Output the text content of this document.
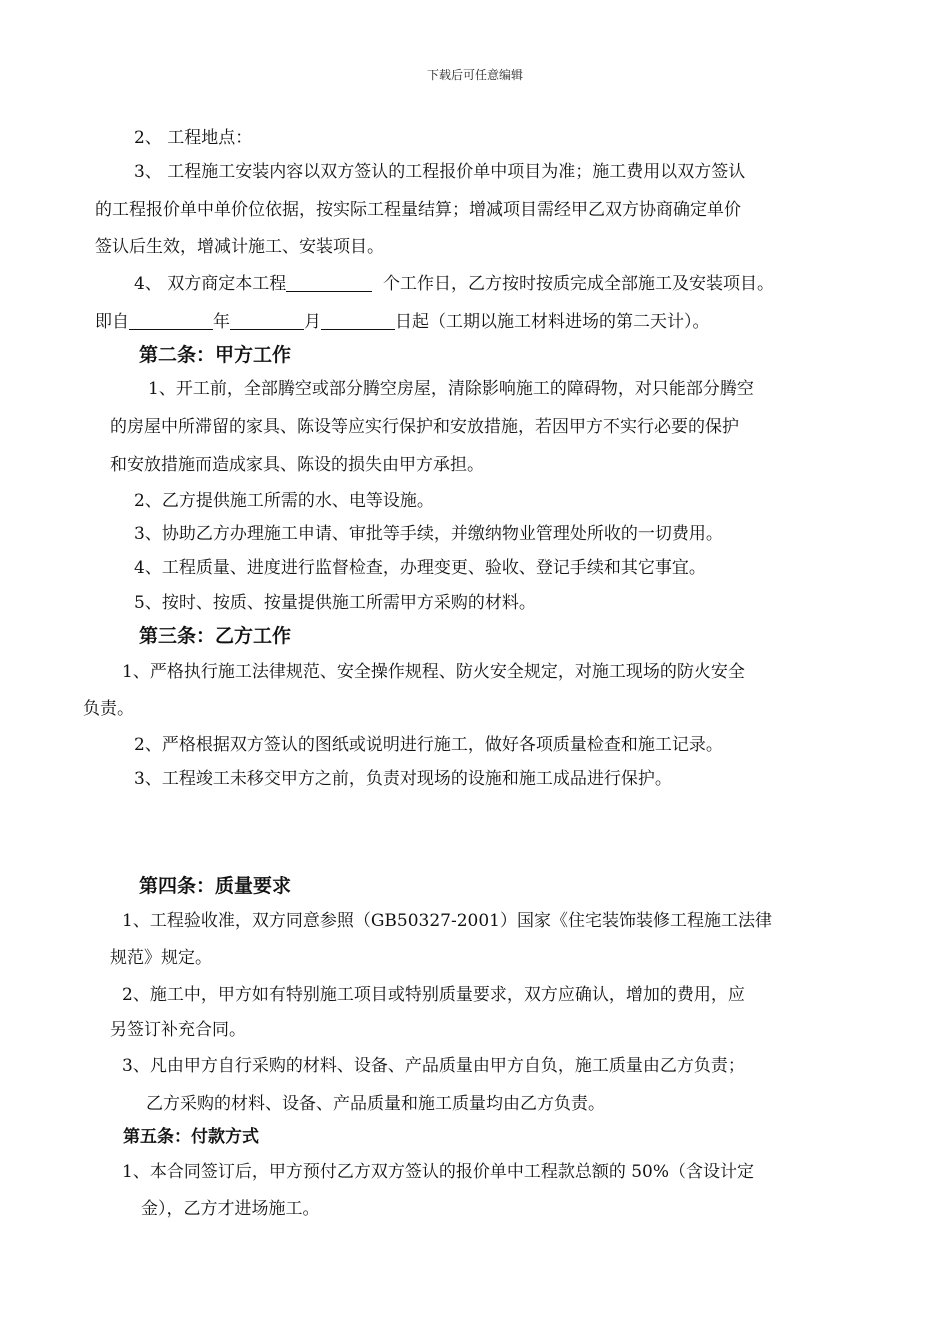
下载后可任意编辑
2、 工程地点：
3、 工程施工安装内容以双方签认的工程报价单中项目为准；施工费用以双方签认
的工程报价单中单价位依据，按实际工程量结算；增减项目需经甲乙双方协商确定单价
签认后生效，增减计施工、安装项目。
4、 双方商定本工程	个工作日，乙方按时按质完成全部施工及安装项目。
即自	年	月	日起（工期以施工材料进场的第二天计）。
第二条：甲方工作
1、开工前，全部腾空或部分腾空房屋，清除影响施工的障碍物，对只能部分腾空
的房屋中所滞留的家具、陈设等应实行保护和安放措施，若因甲方不实行必要的保护
和安放措施而造成家具、陈设的损失由甲方承担。
2、乙方提供施工所需的水、电等设施。
3、协助乙方办理施工申请、审批等手续，并缴纳物业管理处所收的一切费用。
4、工程质量、进度进行监督检查，办理变更、验收、登记手续和其它事宜。
5、按时、按质、按量提供施工所需甲方采购的材料。
第三条：乙方工作
1、严格执行施工法律规范、安全操作规程、防火安全规定，对施工现场的防火安全
负责。
2、严格根据双方签认的图纸或说明进行施工，做好各项质量检查和施工记录。
3、工程竣工未移交甲方之前，负责对现场的设施和施工成品进行保护。
第四条：质量要求
1、工程验收准，双方同意参照（GB50327-2001）国家《住宅装饰装修工程施工法律
规范》规定。
2、施工中，甲方如有特别施工项目或特别质量要求，双方应确认，增加的费用，应
另签订补充合同。
3、凡由甲方自行采购的材料、设备、产品质量由甲方自负，施工质量由乙方负责；
乙方采购的材料、设备、产品质量和施工质量均由乙方负责。
第五条：付款方式
1、本合同签订后，甲方预付乙方双方签认的报价单中工程款总额的 50%（含设计定
金），乙方才进场施工。
